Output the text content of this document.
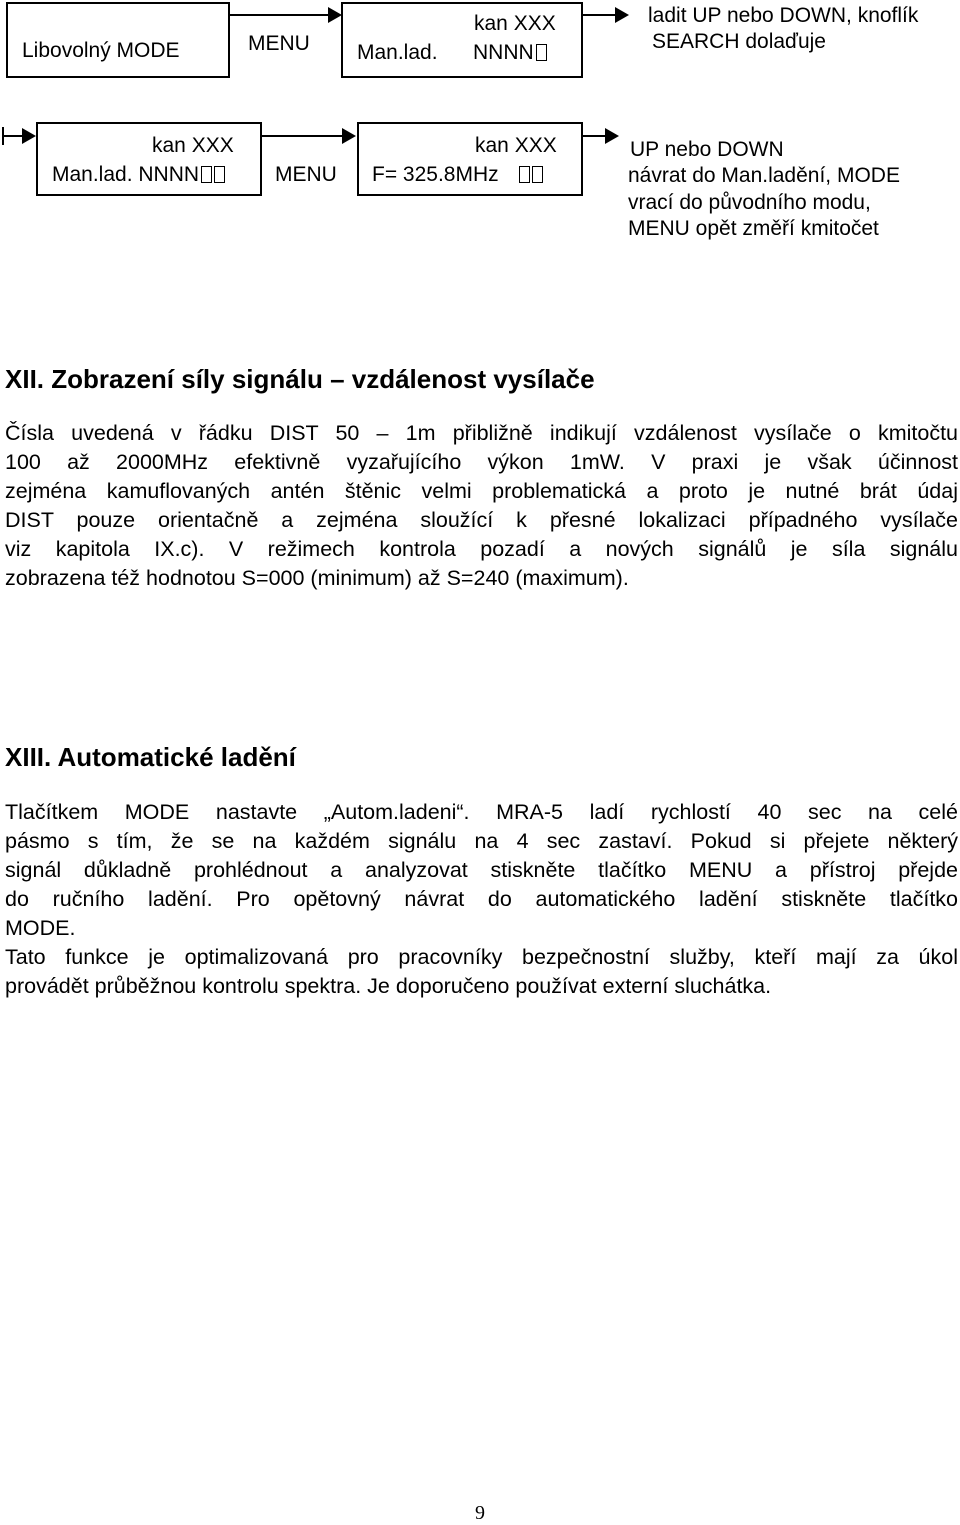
Libovolný MODE	MENU
kan XXX
Man.lad. NNNN
ladit UP nebo DOWN, knoflík
SEARCH dolaďuje
kan XXX
Man.lad. NNNN	MENU
kan XXX
F= 325.8MHz
UP nebo DOWN
návrat do Man.ladění, MODE
vrací do původního modu,
MENU opět změří kmitočet
XII. Zobrazení síly signálu – vzdálenost vysílače
Čísla uvedená v řádku DIST 50 – 1m přibližně indikují vzdálenost vysílače o kmitočtu
100 až 2000MHz efektivně vyzařujícího výkon 1mW. V praxi je však účinnost
zejména kamuflovaných antén štěnic velmi problematická a proto je nutné brát údaj
DIST pouze orientačně a zejména sloužící k přesné lokalizaci případného vysílače
viz kapitola IX.c). V režimech kontrola pozadí a nových signálů je síla signálu
zobrazena též hodnotou S=000 (minimum) až S=240 (maximum).
XIII. Automatické ladění
Tlačítkem MODE nastavte „Autom.ladeni“. MRA-5 ladí rychlostí 40 sec na celé
pásmo s tím, že se na každém signálu na 4 sec zastaví. Pokud si přejete některý
signál důkladně prohlédnout a analyzovat stiskněte tlačítko MENU a přístroj přejde
do ručního ladění. Pro opětovný návrat do automatického ladění stiskněte tlačítko
MODE.
Tato funkce je optimalizovaná pro pracovníky bezpečnostní služby, kteří mají za úkol
provádět průběžnou kontrolu spektra. Je doporučeno používat externí sluchátka.
9
